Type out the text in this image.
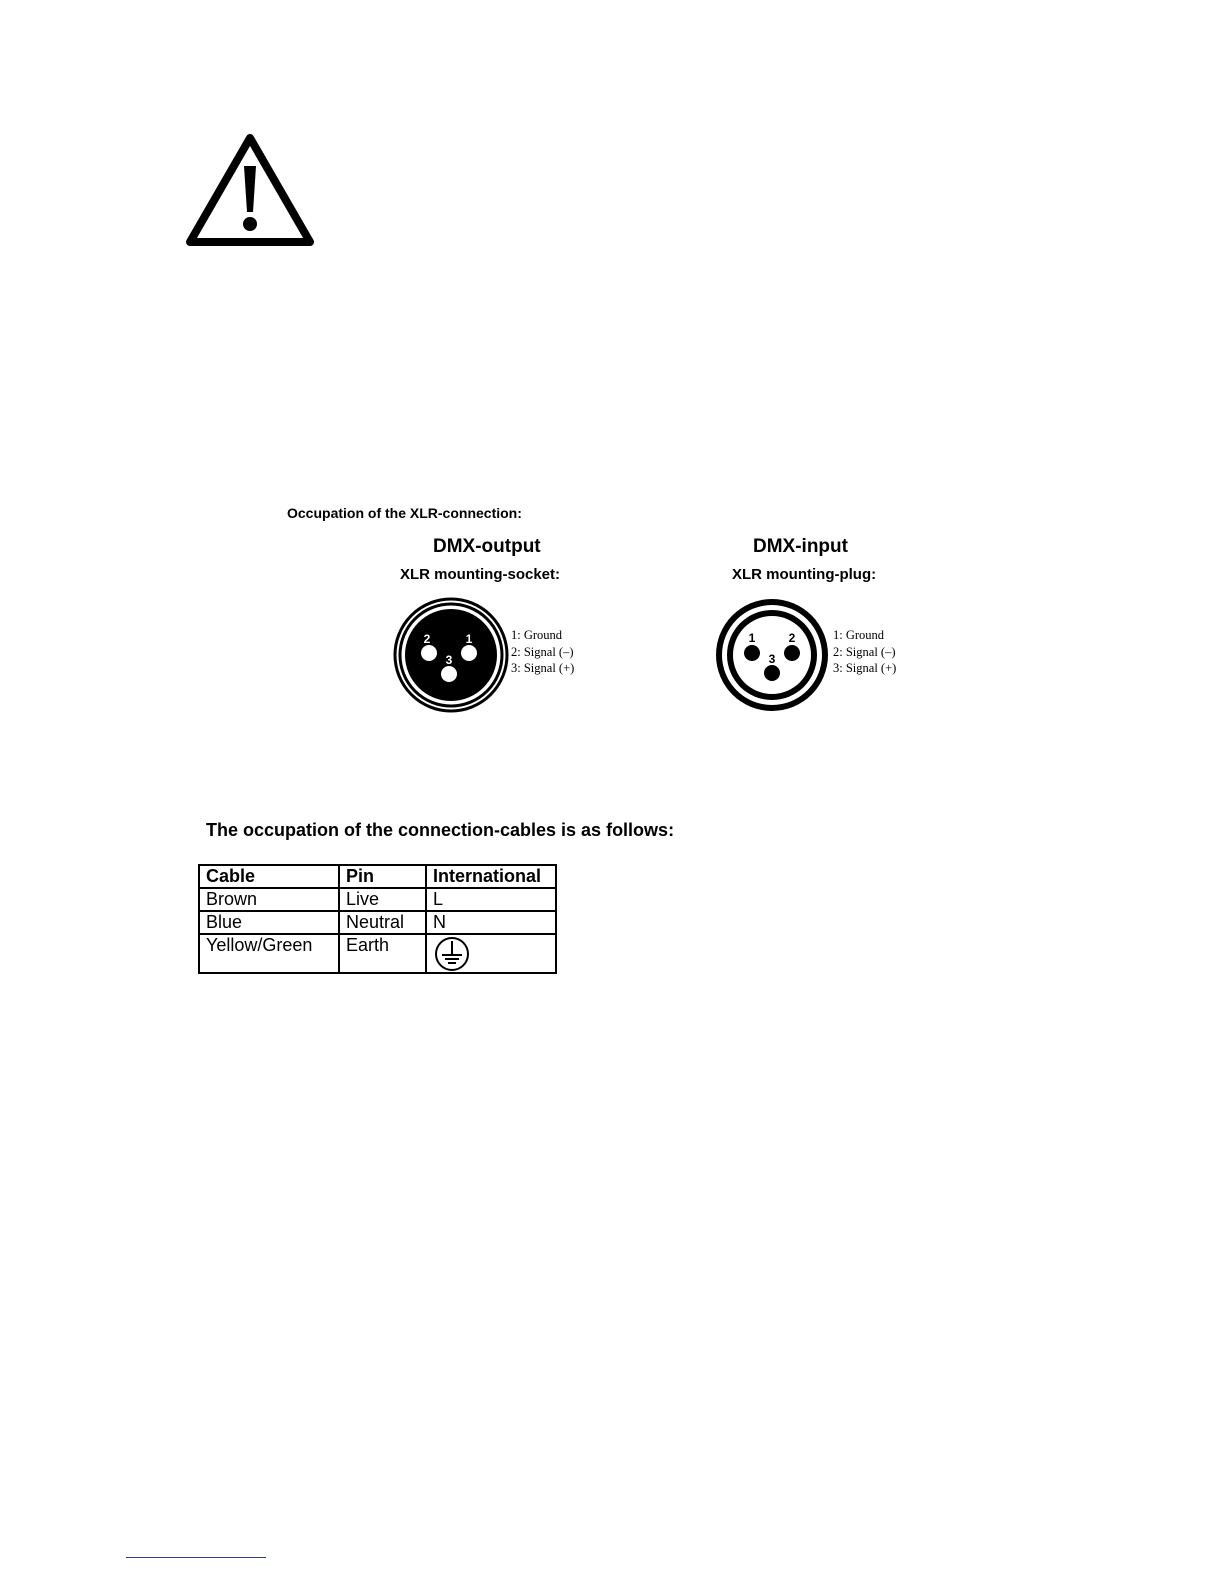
Occupation of the XLR-connection:
DMX-output
XLR mounting-socket:
2	1
3
1: Ground
2: Signal (–)
3: Signal (+)
DMX-input
XLR mounting-plug:
1	2
3
1: Ground
2: Signal (–)
3: Signal (+)
The occupation of the connection-cables is as follows:
Cable	Pin	International
Brown	Live	L
Blue	Neutral	N
Yellow/Green	Earth	
